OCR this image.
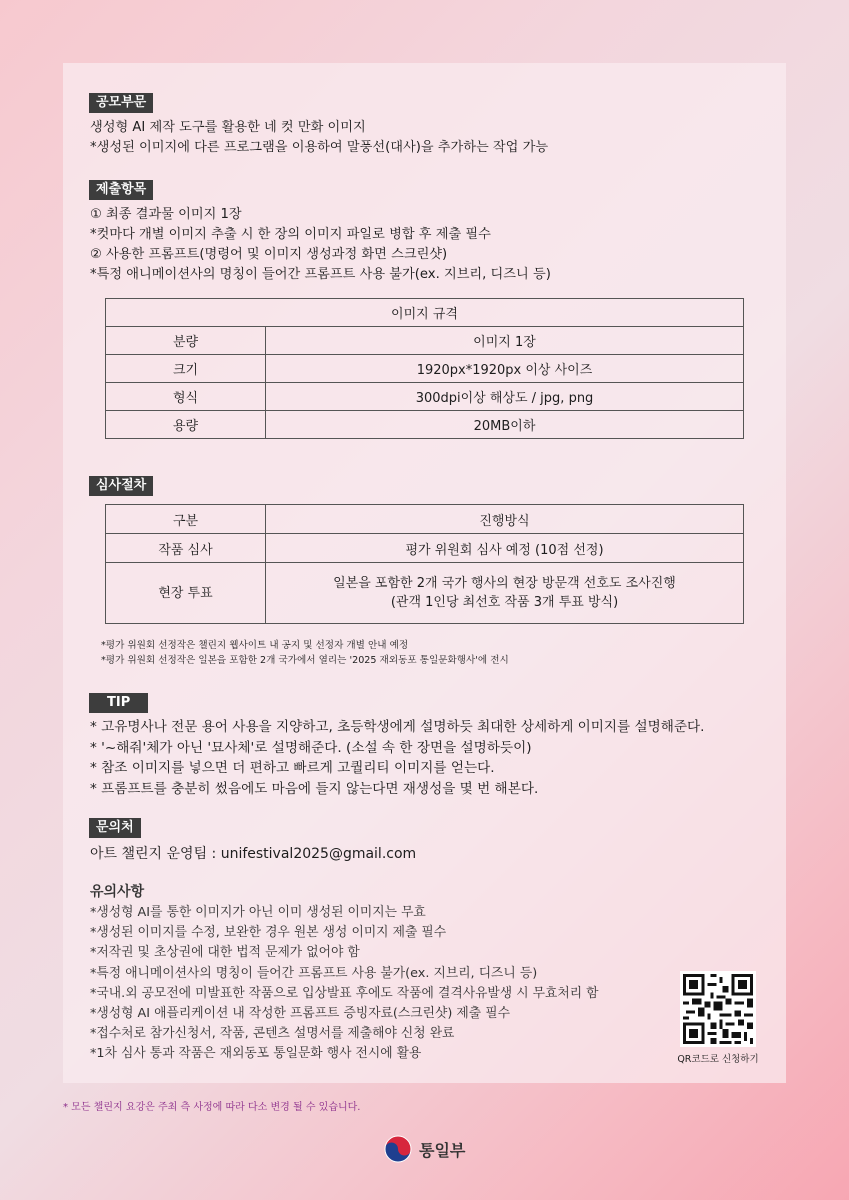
공모부문
생성형 AI 제작 도구를 활용한 네 컷 만화 이미지
*생성된 이미지에 다른 프로그램을 이용하여 말풍선(대사)을 추가하는 작업 가능
제출항목
① 최종 결과물 이미지 1장
*컷마다 개별 이미지 추출 시 한 장의 이미지 파일로 병합 후 제출 필수
② 사용한 프롬프트(명령어 및 이미지 생성과정 화면 스크린샷)
*특정 애니메이션사의 명칭이 들어간 프롬프트 사용 불가(ex. 지브리, 디즈니 등)
이미지 규격	
분량	이미지 1장
크기	1920px*1920px 이상 사이즈
형식	300dpi이상 해상도 / jpg, png
용량	20MB이하
심사절차
구분	진행방식
작품 심사	평가 위원회 심사 예정 (10점 선정)
현장 투표	일본을 포함한 2개 국가 행사의 현장 방문객 선호도 조사진행
(관객 1인당 최선호 작품 3개 투표 방식)
*평가 위원회 선정작은 챌린지 웹사이트 내 공지 및 선정자 개별 안내 예정
*평가 위원회 선정작은 일본을 포함한 2개 국가에서 열리는 '2025 재외동포 통일문화행사'에 전시
TIP
* 고유명사나 전문 용어 사용을 지양하고, 초등학생에게 설명하듯 최대한 상세하게 이미지를 설명해준다.
* '~해줘'체가 아닌 '묘사체'로 설명해준다. (소설 속 한 장면을 설명하듯이)
* 참조 이미지를 넣으면 더 편하고 빠르게 고퀄리티 이미지를 얻는다.
* 프롬프트를 충분히 썼음에도 마음에 들지 않는다면 재생성을 몇 번 해본다.
문의처
아트 챌린지 운영팀 : unifestival2025@gmail.com
유의사항
*생성형 AI를 통한 이미지가 아닌 이미 생성된 이미지는 무효
*생성된 이미지를 수정, 보완한 경우 원본 생성 이미지 제출 필수
*저작권 및 초상권에 대한 법적 문제가 없어야 함
*특정 애니메이션사의 명칭이 들어간 프롬프트 사용 불가(ex. 지브리, 디즈니 등)
*국내.외 공모전에 미발표한 작품으로 입상발표 후에도 작품에 결격사유발생 시 무효처리 함
*생성형 AI 애플리케이션 내 작성한 프롬프트 증빙자료(스크린샷) 제출 필수
*접수처로 참가신청서, 작품, 콘텐츠 설명서를 제출해야 신청 완료
*1차 심사 통과 작품은 재외동포 통일문화 행사 전시에 활용	QR코드로 신청하기
* 모든 챌린지 요강은 주최 측 사정에 따라 다소 변경 될 수 있습니다.
통일부
